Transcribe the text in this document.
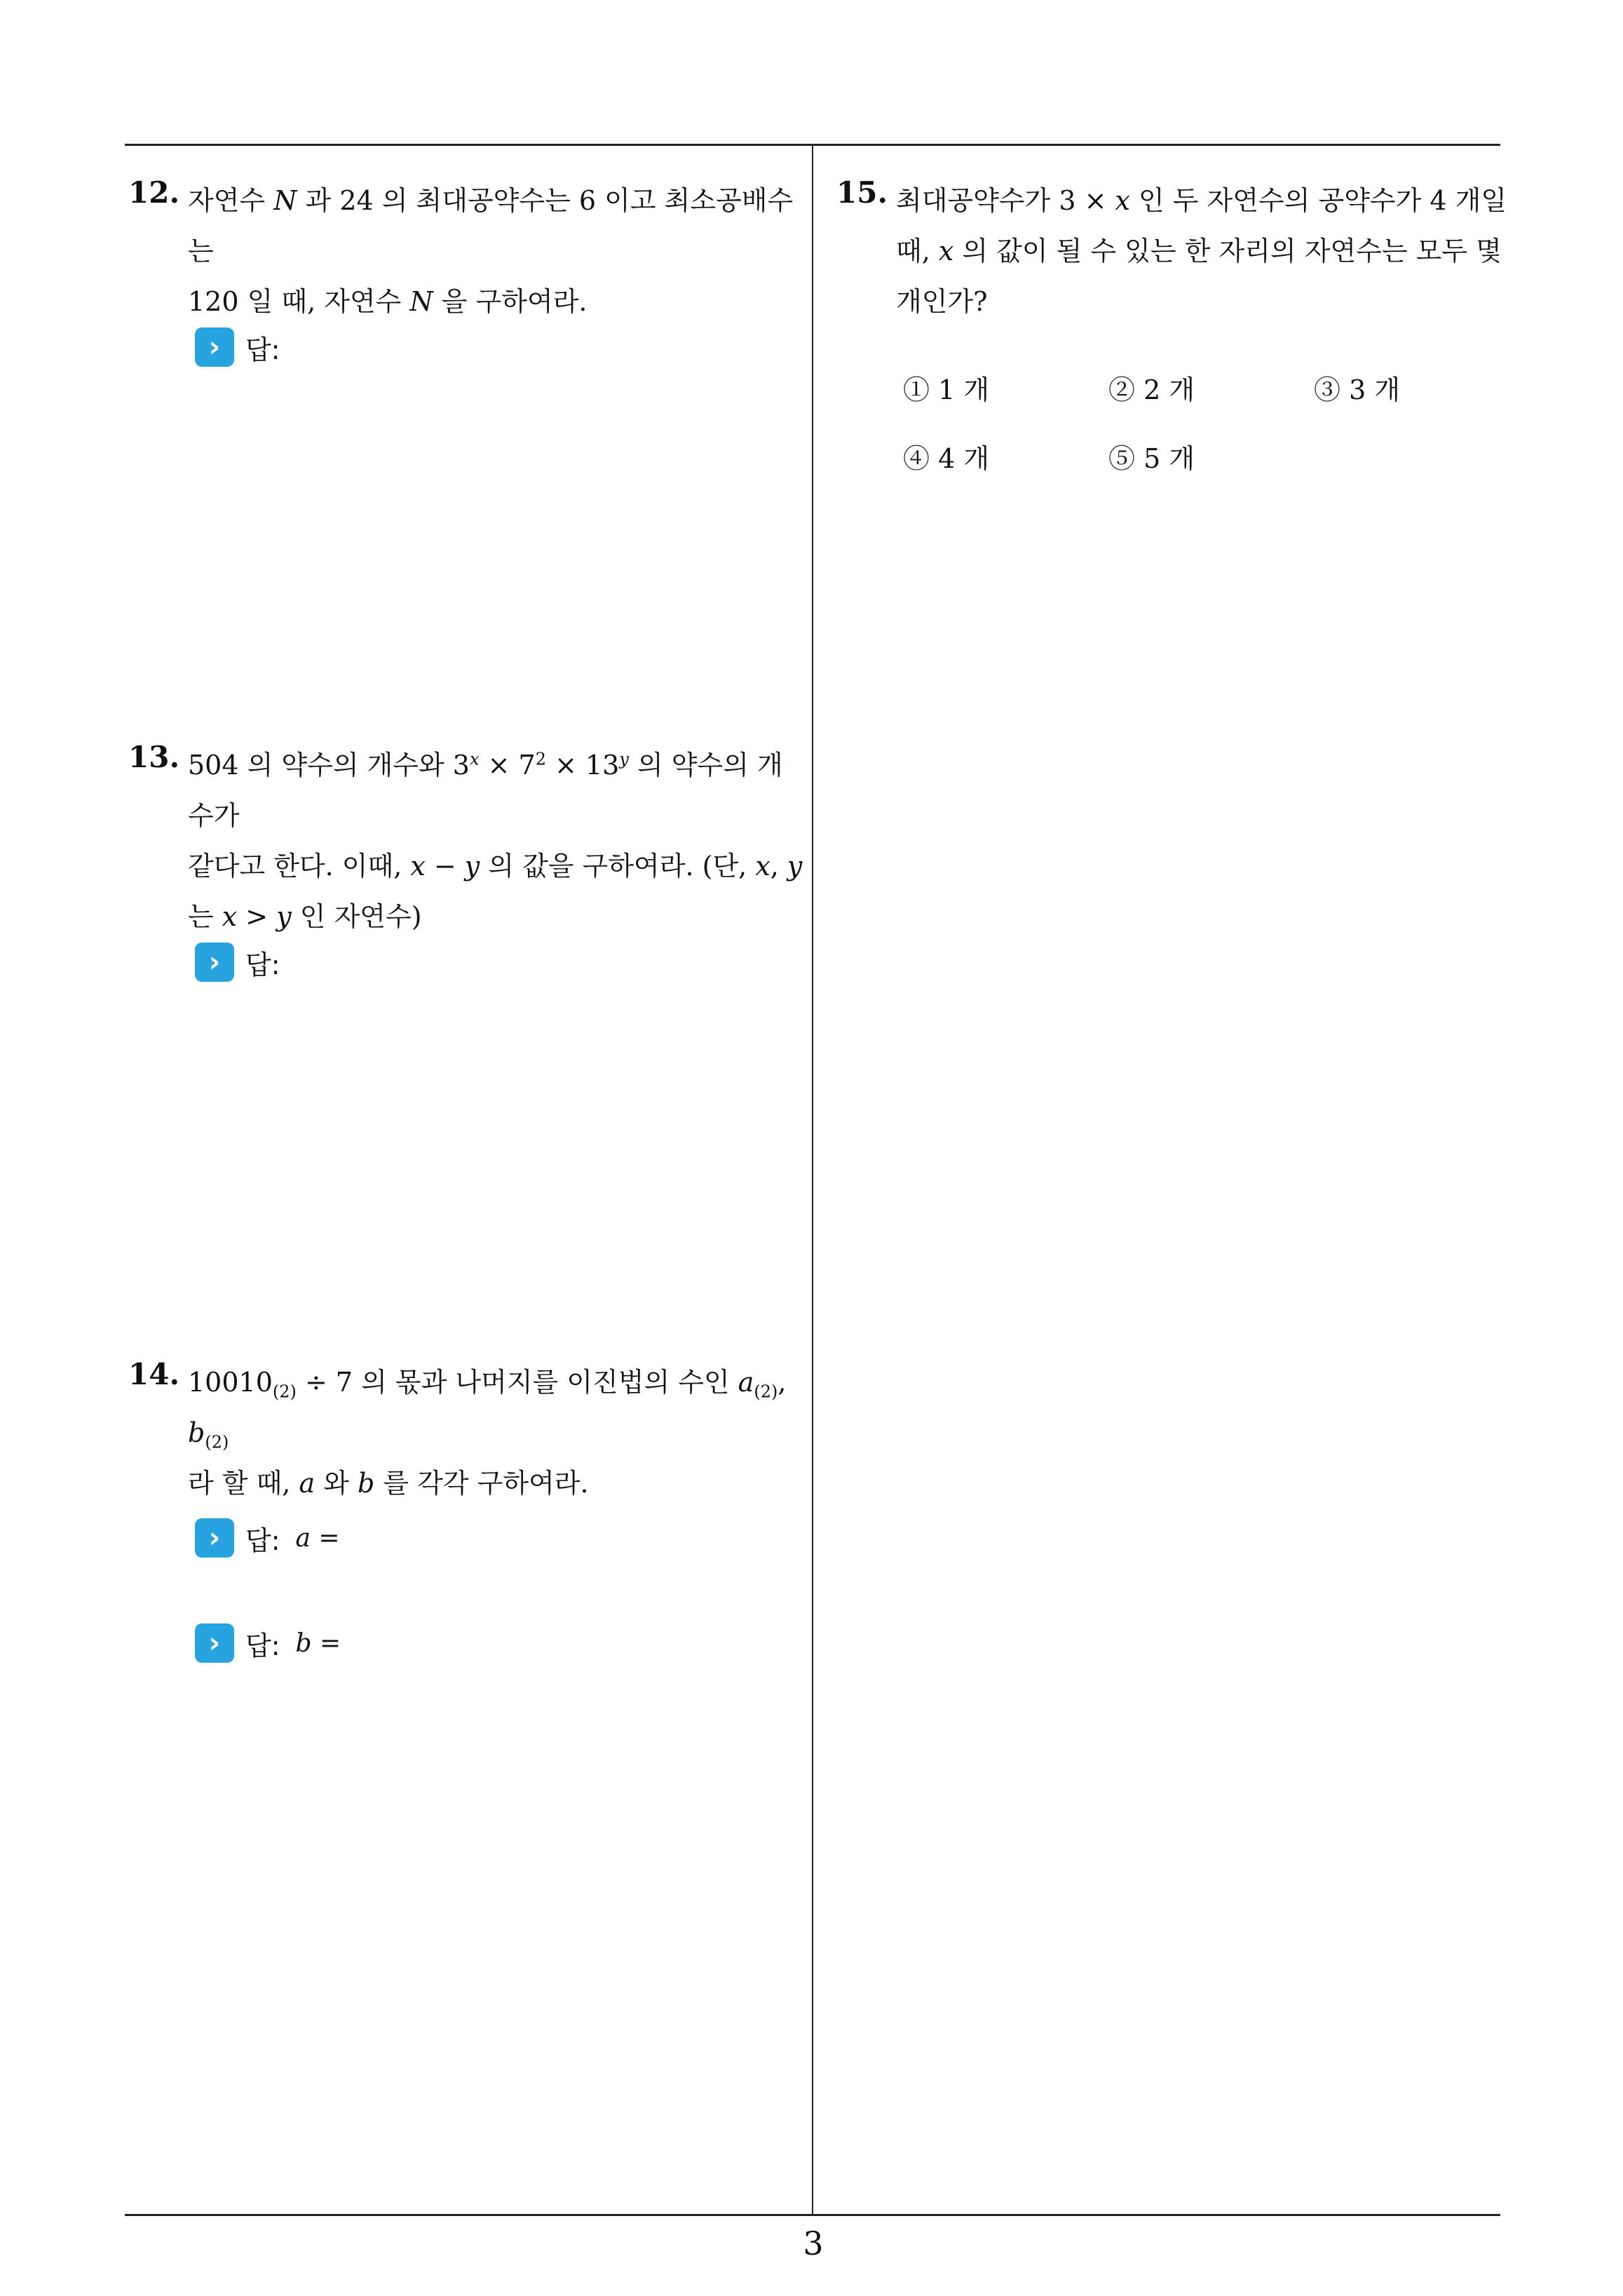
12. 자연수 N 과 24 의 최대공약수는 6 이고 최소공배수는
120 일 때, 자연수 N 을 구하여라.
› 답:
13. 504 의 약수의 개수와 $3^x \times 7^2 \times 13^y$ 의 약수의 개수가
같다고 한다. 이때, x − y 의 값을 구하여라. (단, x, y
는 x > y 인 자연수)
› 답:
14. $10010_{(2)} \div 7$ 의 몫과 나머지를 이진법의 수인 $a_{(2)}$, $b_{(2)}$
라 할 때, a 와 b 를 각각 구하여라.
› 답: a =
› 답: b =
15. 최대공약수가 3 × x 인 두 자연수의 공약수가 4 개일
때, x 의 값이 될 수 있는 한 자리의 자연수는 모두 몇
개인가?
① 1 개	② 2 개	③ 3 개
④ 4 개	⑤ 5 개
3
